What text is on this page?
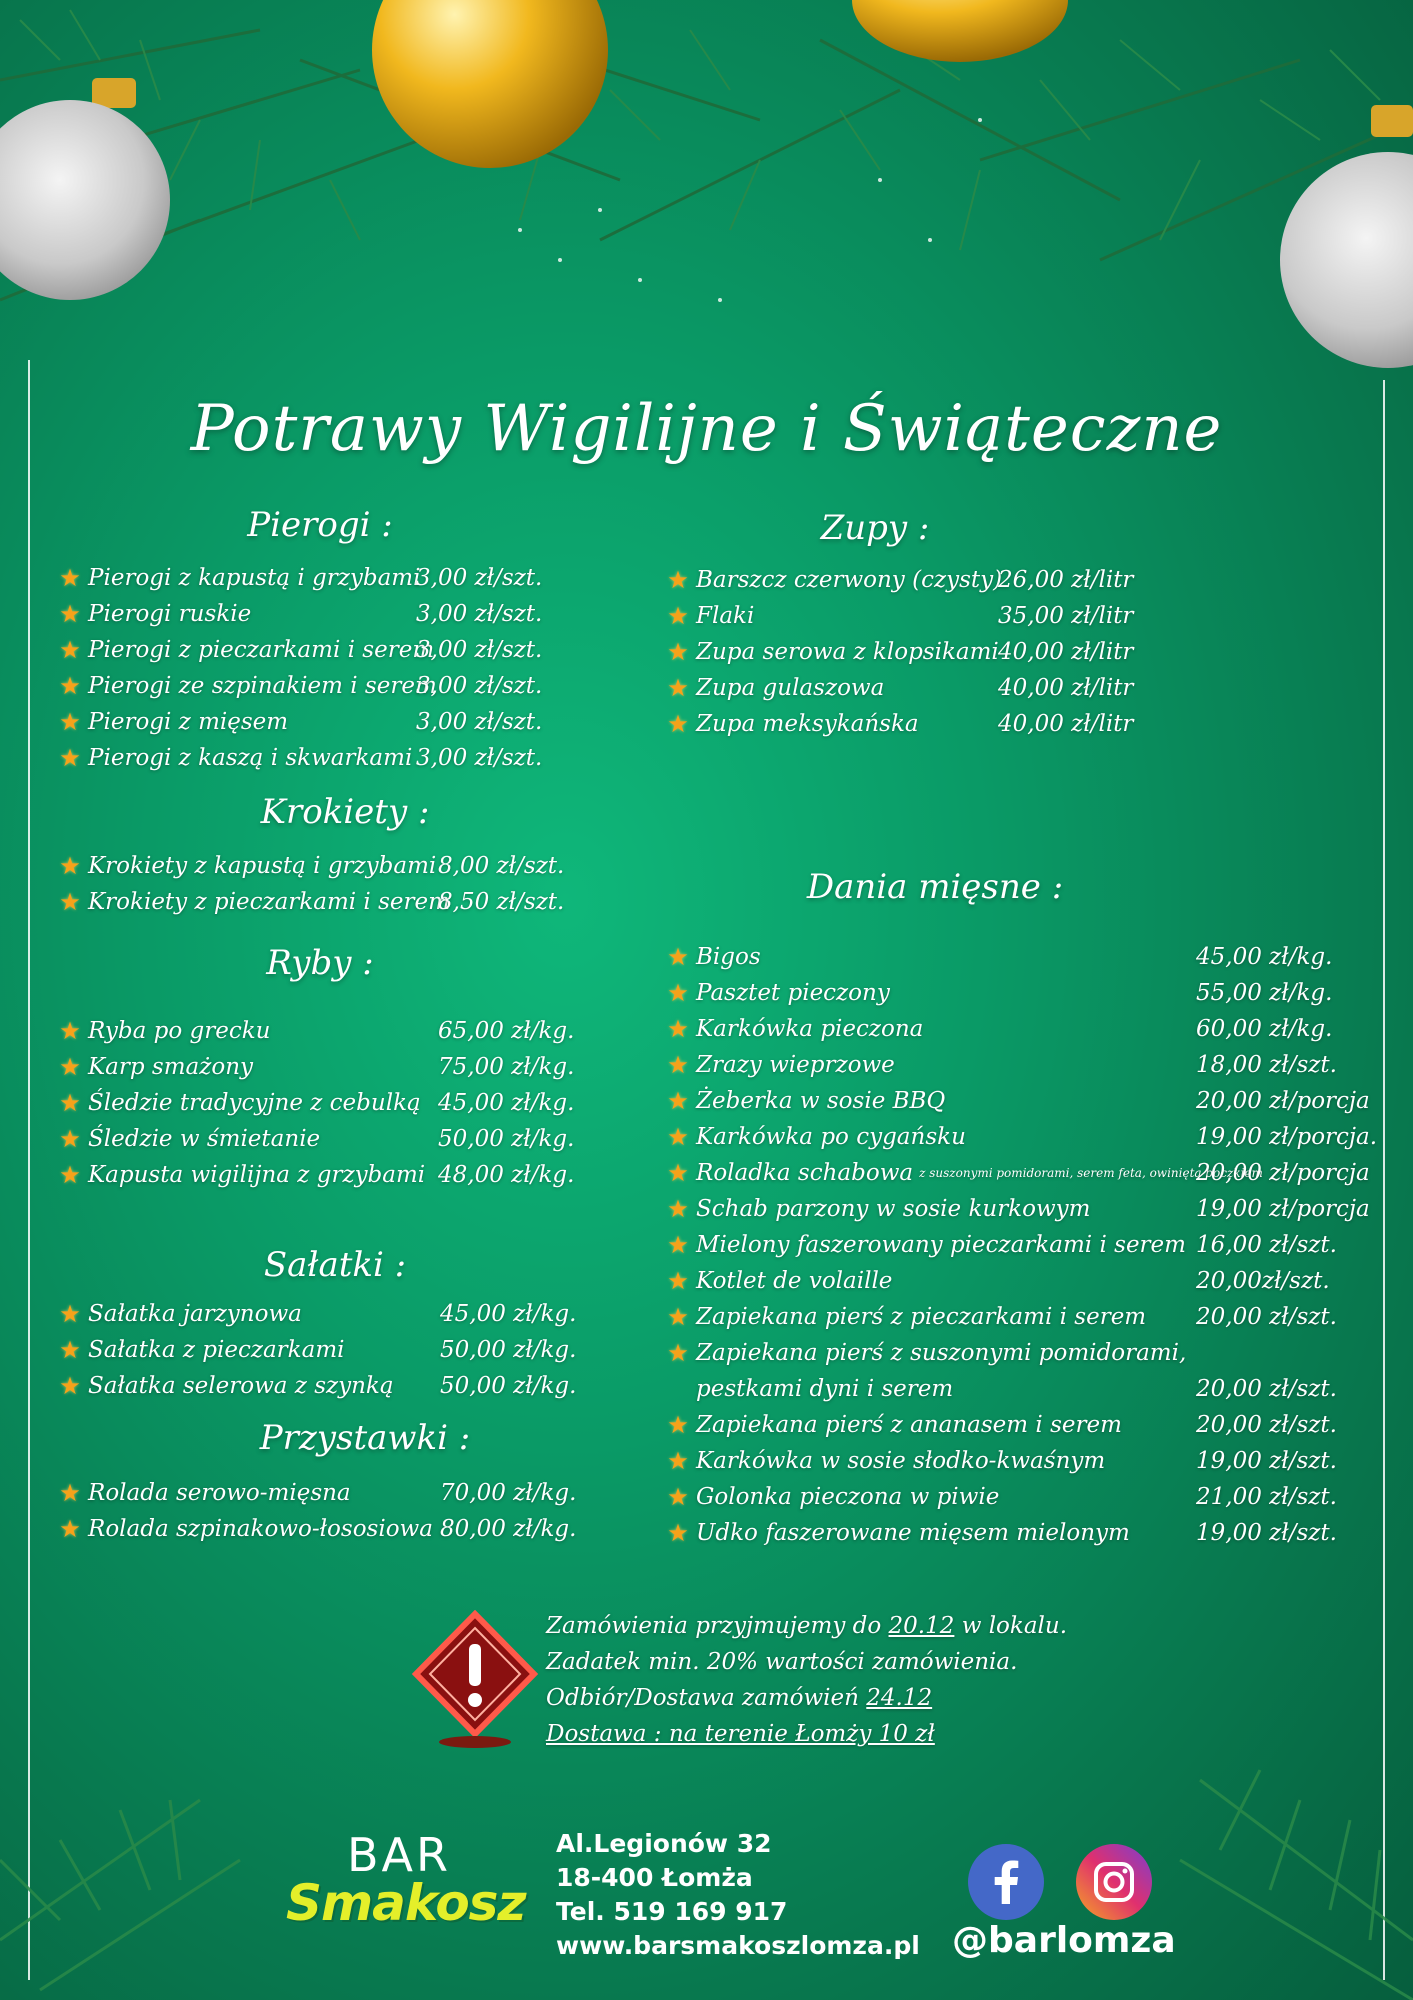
Potrawy Wigilijne i Świąteczne
Pierogi :
★ Pierogi z kapustą i grzybami
3,00 zł/szt.
★ Pierogi ruskie	3,00 zł/szt.
★ Pierogi z pieczarkami i serem
3,00 zł/szt.
★ Pierogi ze szpinakiem i serem
3,00 zł/szt.
★ Pierogi z mięsem	3,00 zł/szt.
★ Pierogi z kaszą i skwarkami 3,00 zł/szt.
Krokiety :
★ Krokiety z kapustą i grzybami 8,00 zł/szt.
★ Krokiety z pieczarkami i serem
8,50 zł/szt.
Ryby :
★ Ryba po grecku	65,00 zł/kg.
★ Karp smażony	75,00 zł/kg.
★ Śledzie tradycyjne z cebulką 45,00 zł/kg.
★ Śledzie w śmietanie	50,00 zł/kg.
★ Kapusta wigilijna z grzybami 48,00 zł/kg.
Sałatki :
★ Sałatka jarzynowa	45,00 zł/kg.
★ Sałatka z pieczarkami	50,00 zł/kg.
★ Sałatka selerowa z szynką 50,00 zł/kg.
Przystawki :
★ Rolada serowo-mięsna	70,00 zł/kg.
★ Rolada szpinakowo-łososiowa 80,00 zł/kg.
Zupy :
★ Barszcz czerwony (czysty)
26,00 zł/litr
★ Flaki	35,00 zł/litr
★ Zupa serowa z klopsikami 40,00 zł/litr
★ Zupa gulaszowa	40,00 zł/litr
★ Zupa meksykańska	40,00 zł/litr
Dania mięsne :
★ Bigos	45,00 zł/kg.
★ Pasztet pieczony	55,00 zł/kg.
★ Karkówka pieczona	60,00 zł/kg.
★ Zrazy wieprzowe	18,00 zł/szt.
★ Żeberka w sosie BBQ	20,00 zł/porcja
★ Karkówka po cygańsku	19,00 zł/porcja.
★ Roladka schabowa z suszonymi pomidorami, serem feta, owinięta boczkiem
20,00 zł/porcja
★ Schab parzony w sosie kurkowym	19,00 zł/porcja
★ Mielony faszerowany pieczarkami i serem 16,00 zł/szt.
★ Kotlet de volaille	20,00zł/szt.
★ Zapiekana pierś z pieczarkami i serem 20,00 zł/szt.
★ Zapiekana pierś z suszonymi pomidorami,
pestkami dyni i serem	20,00 zł/szt.
★ Zapiekana pierś z ananasem i serem	20,00 zł/szt.
★ Karkówka w sosie słodko-kwaśnym	19,00 zł/szt.
★ Golonka pieczona w piwie	21,00 zł/szt.
★ Udko faszerowane mięsem mielonym	19,00 zł/szt.
Zamówienia przyjmujemy do 20.12 w lokalu.
Zadatek min. 20% wartości zamówienia.
Odbiór/Dostawa zamówień 24.12
Dostawa : na terenie Łomży 10 zł
BAR
Smakosz
Al.Legionów 32
18-400 Łomża
Tel. 519 169 917
www.barsmakoszlomza.pl @barlomza
